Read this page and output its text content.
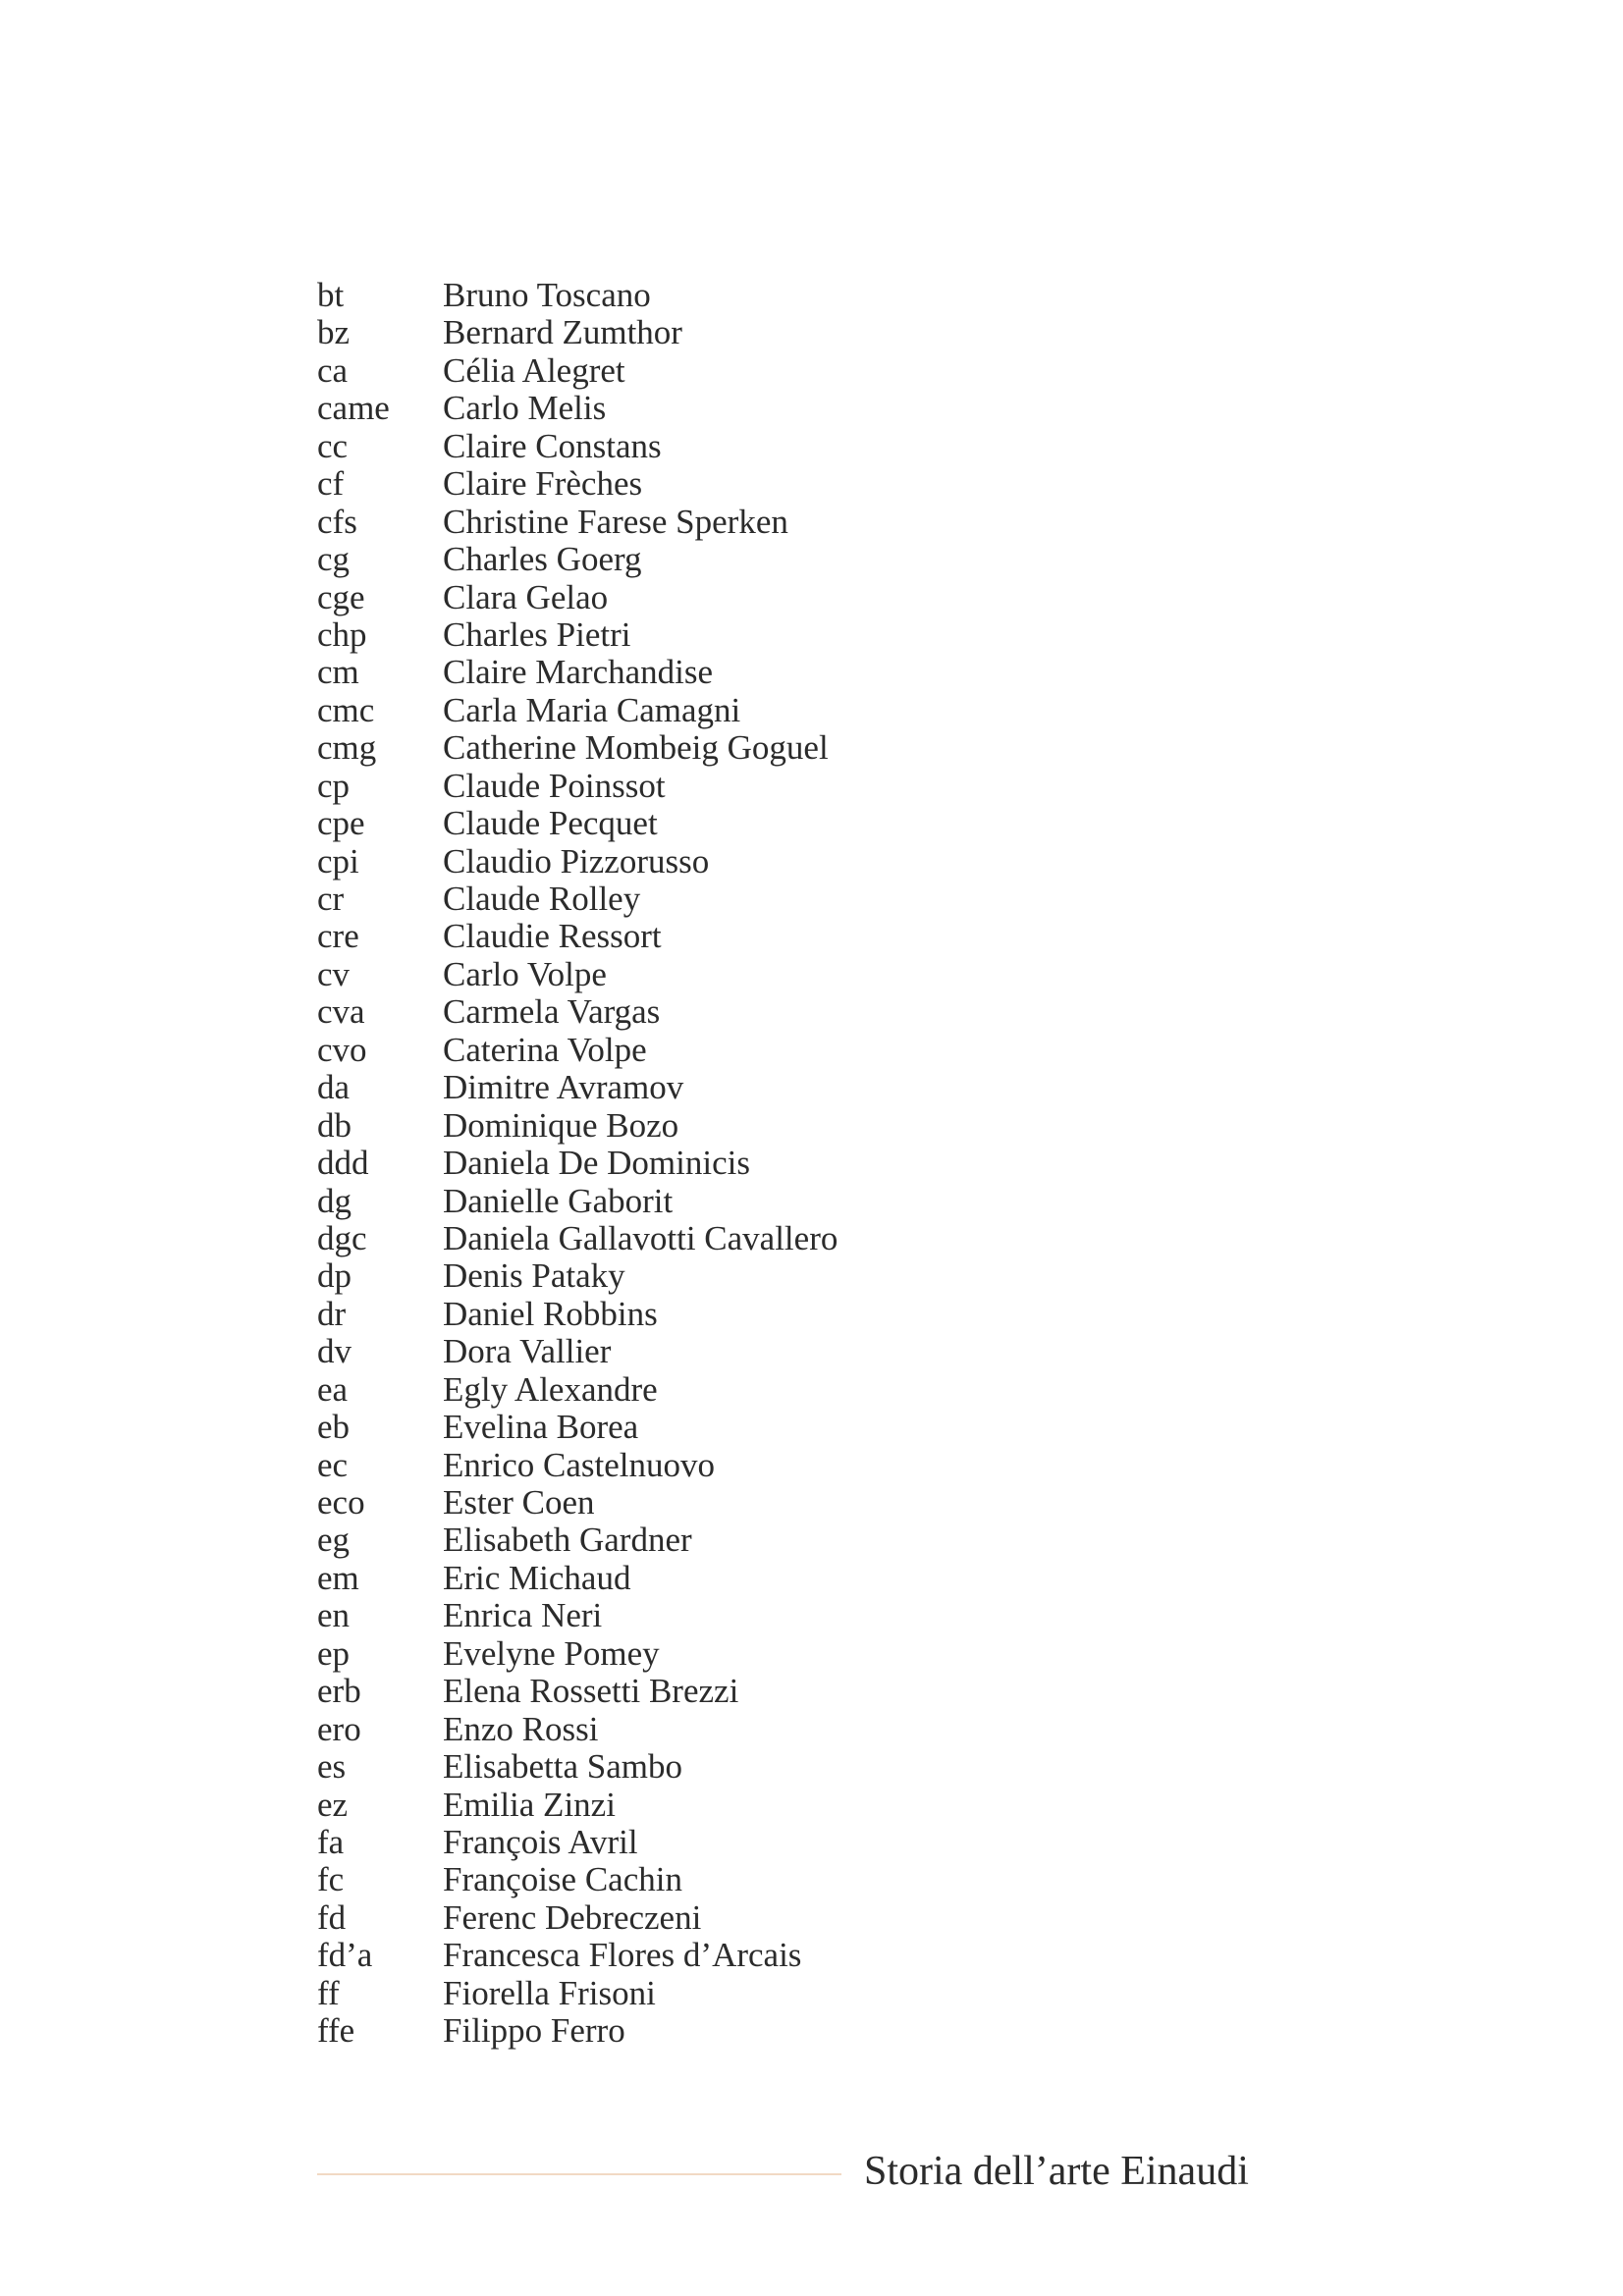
bt	Bruno Toscano
bz	Bernard Zumthor
ca	Célia Alegret
came	Carlo Melis
cc	Claire Constans
cf	Claire Frèches
cfs	Christine Farese Sperken
cg	Charles Goerg
cge	Clara Gelao
chp	Charles Pietri
cm	Claire Marchandise
cmc	Carla Maria Camagni
cmg	Catherine Mombeig Goguel
cp	Claude Poinssot
cpe	Claude Pecquet
cpi	Claudio Pizzorusso
cr	Claude Rolley
cre	Claudie Ressort
cv	Carlo Volpe
cva	Carmela Vargas
cvo	Caterina Volpe
da	Dimitre Avramov
db	Dominique Bozo
ddd	Daniela De Dominicis
dg	Danielle Gaborit
dgc	Daniela Gallavotti Cavallero
dp	Denis Pataky
dr	Daniel Robbins
dv	Dora Vallier
ea	Egly Alexandre
eb	Evelina Borea
ec	Enrico Castelnuovo
eco	Ester Coen
eg	Elisabeth Gardner
em	Eric Michaud
en	Enrica Neri
ep	Evelyne Pomey
erb	Elena Rossetti Brezzi
ero	Enzo Rossi
es	Elisabetta Sambo
ez	Emilia Zinzi
fa	François Avril
fc	Françoise Cachin
fd	Ferenc Debreczeni
fd’a	Francesca Flores d’Arcais
ff	Fiorella Frisoni
ffe	Filippo Ferro
Storia dell’arte Einaudi
